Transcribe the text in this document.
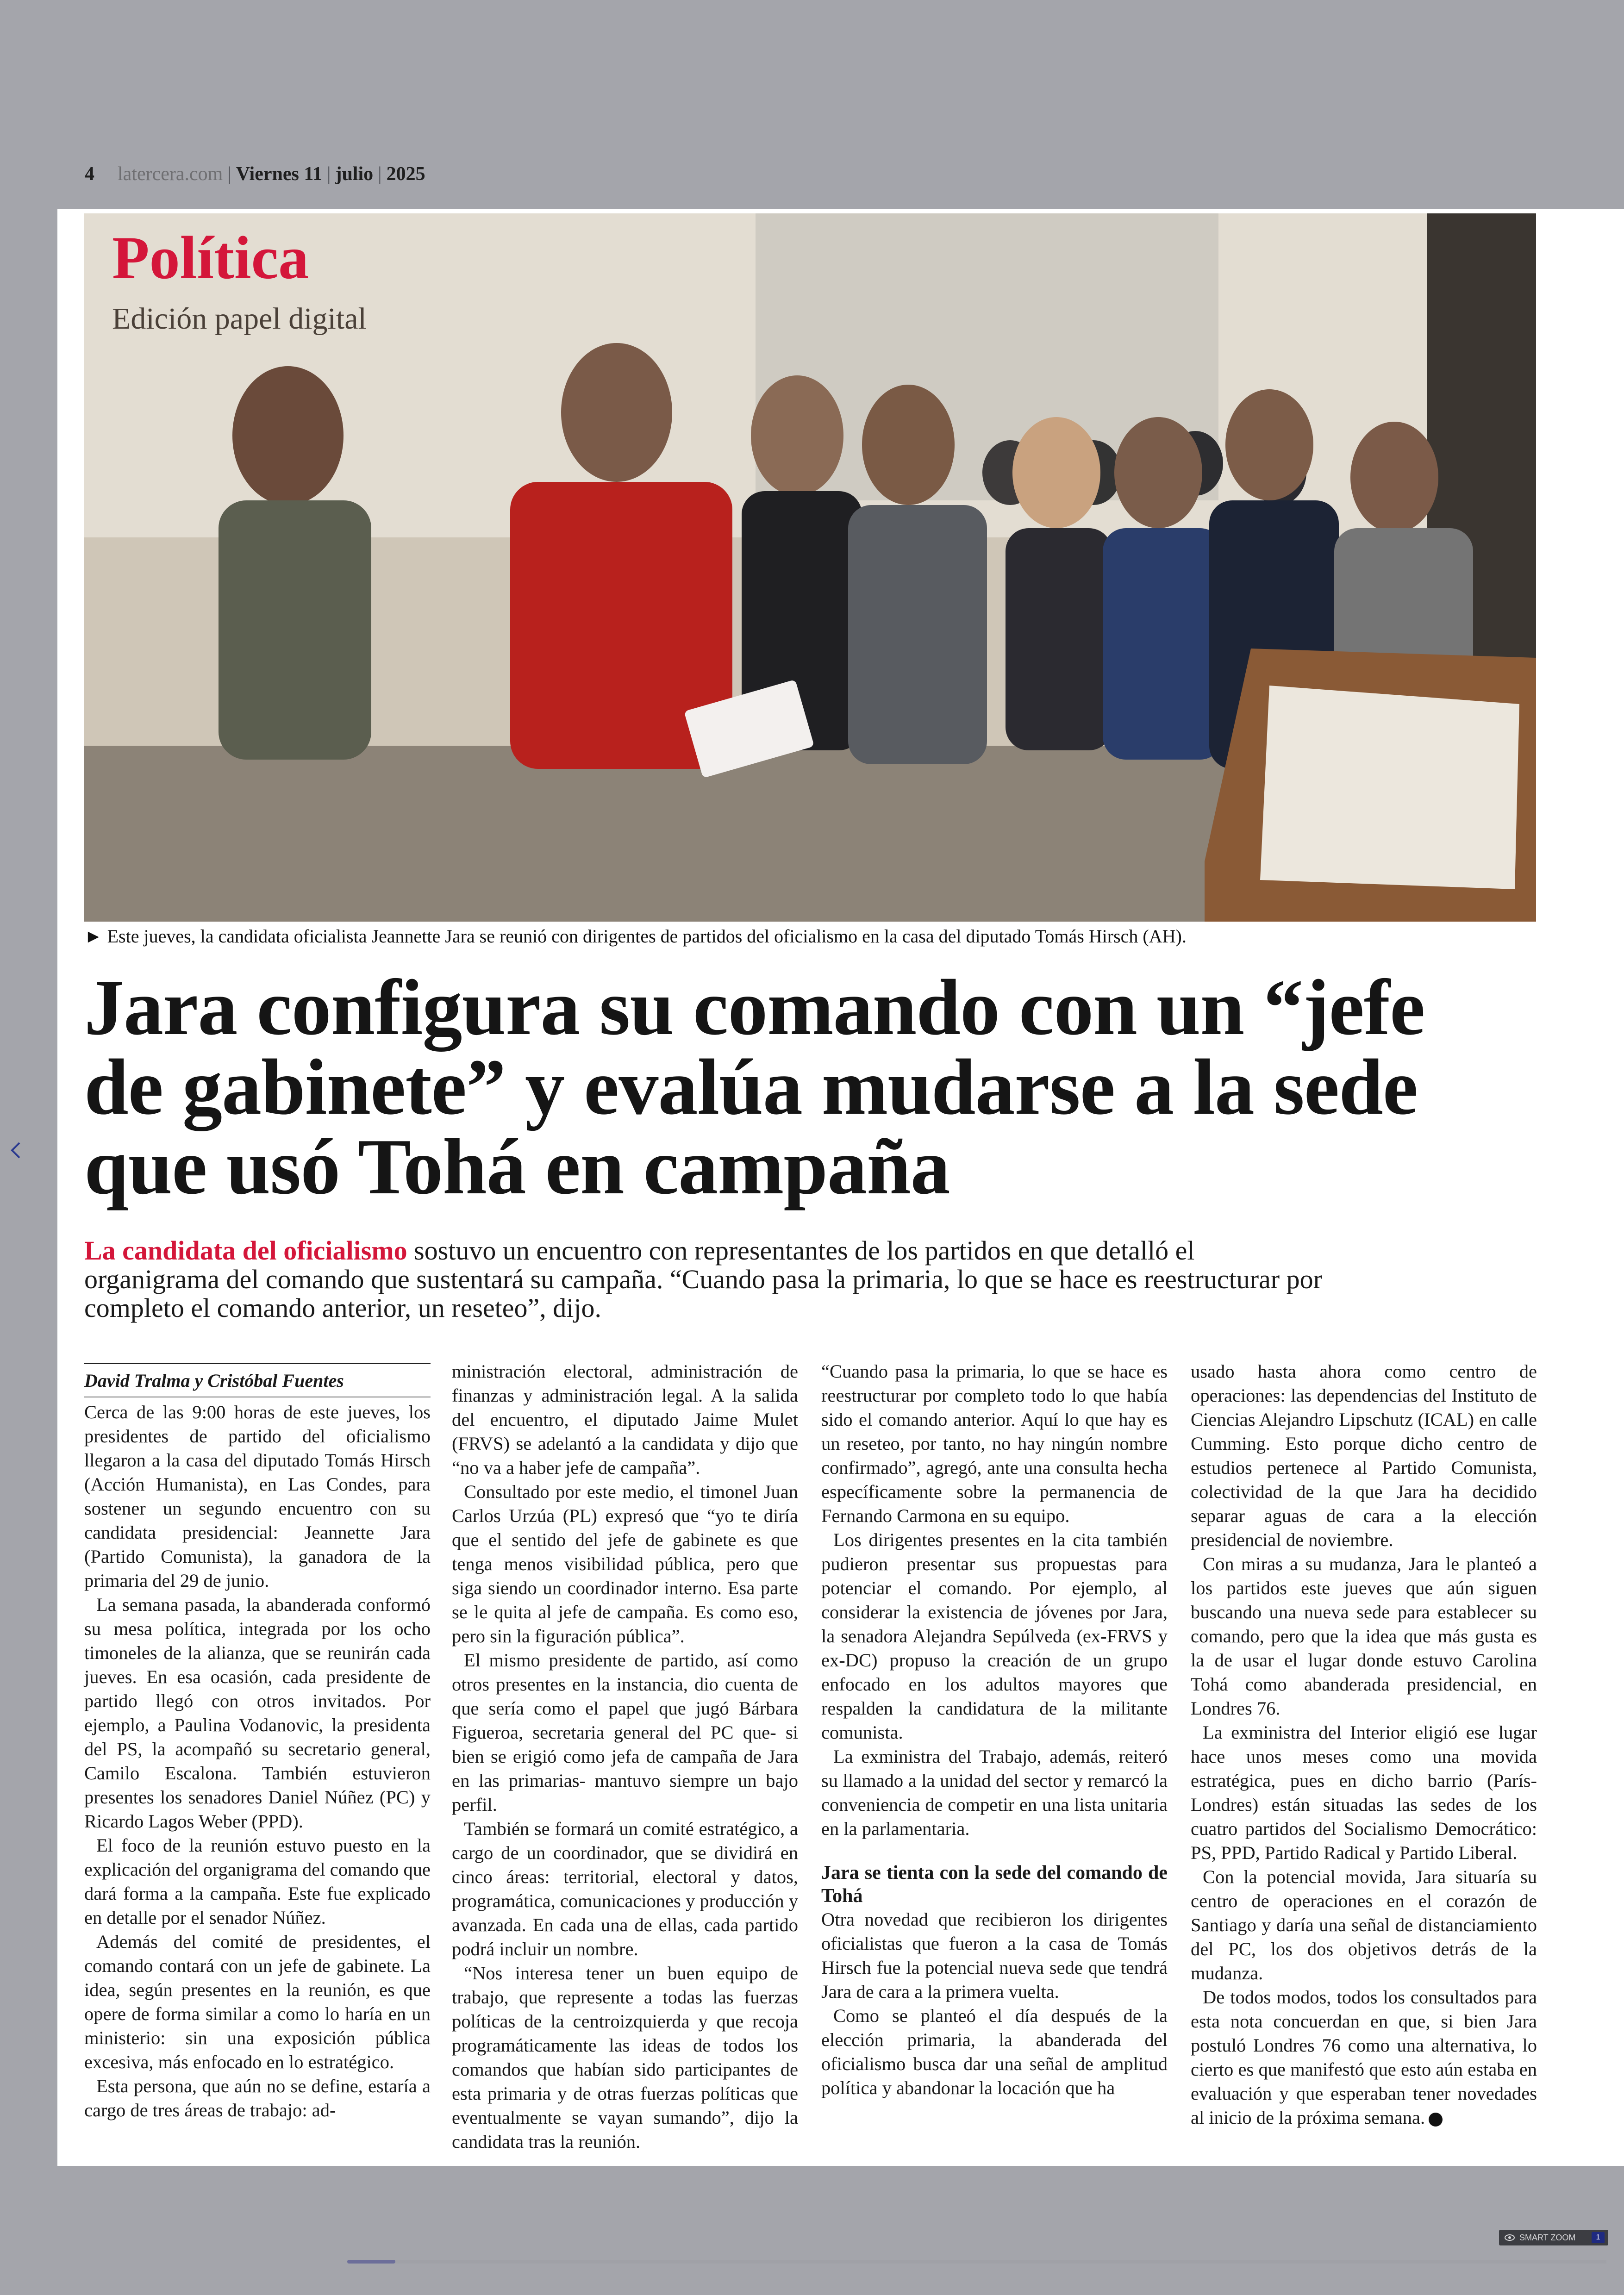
4 latercera.com | Viernes 11 | julio | 2025
Política
Edición papel digital
► Este jueves, la candidata oficialista Jeannette Jara se reunió con dirigentes de partidos del oficialismo en la casa del diputado Tomás Hirsch (AH).
Jara configura su comando con un “jefe de gabinete” y evalúa mudarse a la sede que usó Tohá en campaña
La candidata del oficialismo sostuvo un encuentro con representantes de los partidos en que detalló el organigrama del comando que sustentará su campaña. “Cuando pasa la primaria, lo que se hace es reestructurar por completo el comando anterior, un reseteo”, dijo.
David Tralma y Cristóbal Fuentes

Cerca de las 9:00 horas de este jueves, los presidentes de partido del oficialismo llegaron a la casa del diputado Tomás Hirsch (Acción Humanista), en Las Condes, para sostener un segundo encuentro con su candidata presidencial: Jeannette Jara (Partido Comunista), la ganadora de la primaria del 29 de junio.

La semana pasada, la abanderada conformó su mesa política, integrada por los ocho timoneles de la alianza, que se reunirán cada jueves. En esa ocasión, cada presidente de partido llegó con otros invitados. Por ejemplo, a Paulina Vodanovic, la presidenta del PS, la acompañó su secretario general, Camilo Escalona. También estuvieron presentes los senadores Daniel Núñez (PC) y Ricardo Lagos Weber (PPD).

El foco de la reunión estuvo puesto en la explicación del organigrama del comando que dará forma a la campaña. Este fue explicado en detalle por el senador Núñez.

Además del comité de presidentes, el comando contará con un jefe de gabinete. La idea, según presentes en la reunión, es que opere de forma similar a como lo haría en un ministerio: sin una exposición pública excesiva, más enfocado en lo estratégico.

Esta persona, que aún no se define, estaría a cargo de tres áreas de trabajo: ad-

ministración electoral, administración de finanzas y administración legal. A la salida del encuentro, el diputado Jaime Mulet (FRVS) se adelantó a la candidata y dijo que “no va a haber jefe de campaña”.

Consultado por este medio, el timonel Juan Carlos Urzúa (PL) expresó que “yo te diría que el sentido del jefe de gabinete es que tenga menos visibilidad pública, pero que siga siendo un coordinador interno. Esa parte se le quita al jefe de campaña. Es como eso, pero sin la figuración pública”.

El mismo presidente de partido, así como otros presentes en la instancia, dio cuenta de que sería como el papel que jugó Bárbara Figueroa, secretaria general del PC que- si bien se erigió como jefa de campaña de Jara en las primarias- mantuvo siempre un bajo perfil.

También se formará un comité estratégico, a cargo de un coordinador, que se dividirá en cinco áreas: territorial, electoral y datos, programática, comunicaciones y producción y avanzada. En cada una de ellas, cada partido podrá incluir un nombre.

“Nos interesa tener un buen equipo de trabajo, que represente a todas las fuerzas políticas de la centroizquierda y que recoja programáticamente las ideas de todos los comandos que habían sido participantes de esta primaria y de otras fuerzas políticas que eventualmente se vayan sumando”, dijo la candidata tras la reunión.

“Cuando pasa la primaria, lo que se hace es reestructurar por completo todo lo que había sido el comando anterior. Aquí lo que hay es un reseteo, por tanto, no hay ningún nombre confirmado”, agregó, ante una consulta hecha específicamente sobre la permanencia de Fernando Carmona en su equipo.

Los dirigentes presentes en la cita también pudieron presentar sus propuestas para potenciar el comando. Por ejemplo, al considerar la existencia de jóvenes por Jara, la senadora Alejandra Sepúlveda (ex-FRVS y ex-DC) propuso la creación de un grupo enfocado en los adultos mayores que respalden la candidatura de la militante comunista.

La exministra del Trabajo, además, reiteró su llamado a la unidad del sector y remarcó la conveniencia de competir en una lista unitaria en la parlamentaria.

Jara se tienta con la sede del comando de Tohá

Otra novedad que recibieron los dirigentes oficialistas que fueron a la casa de Tomás Hirsch fue la potencial nueva sede que tendrá Jara de cara a la primera vuelta.

Como se planteó el día después de la elección primaria, la abanderada del oficialismo busca dar una señal de amplitud política y abandonar la locación que ha

usado hasta ahora como centro de operaciones: las dependencias del Instituto de Ciencias Alejandro Lipschutz (ICAL) en calle Cumming. Esto porque dicho centro de estudios pertenece al Partido Comunista, colectividad de la que Jara ha decidido separar aguas de cara a la elección presidencial de noviembre.

Con miras a su mudanza, Jara le planteó a los partidos este jueves que aún siguen buscando una nueva sede para establecer su comando, pero que la idea que más gusta es la de usar el lugar donde estuvo Carolina Tohá como abanderada presidencial, en Londres 76.

La exministra del Interior eligió ese lugar hace unos meses como una movida estratégica, pues en dicho barrio (París-Londres) están situadas las sedes de los cuatro partidos del Socialismo Democrático: PS, PPD, Partido Radical y Partido Liberal.

Con la potencial movida, Jara situaría su centro de operaciones en el corazón de Santiago y daría una señal de distanciamiento del PC, los dos objetivos detrás de la mudanza.

De todos modos, todos los consultados para esta nota concuerdan en que, si bien Jara postuló Londres 76 como una alternativa, lo cierto es que manifestó que esto aún estaba en evaluación y que esperaban tener novedades al inicio de la próxima semana.

SMART ZOOM	1
